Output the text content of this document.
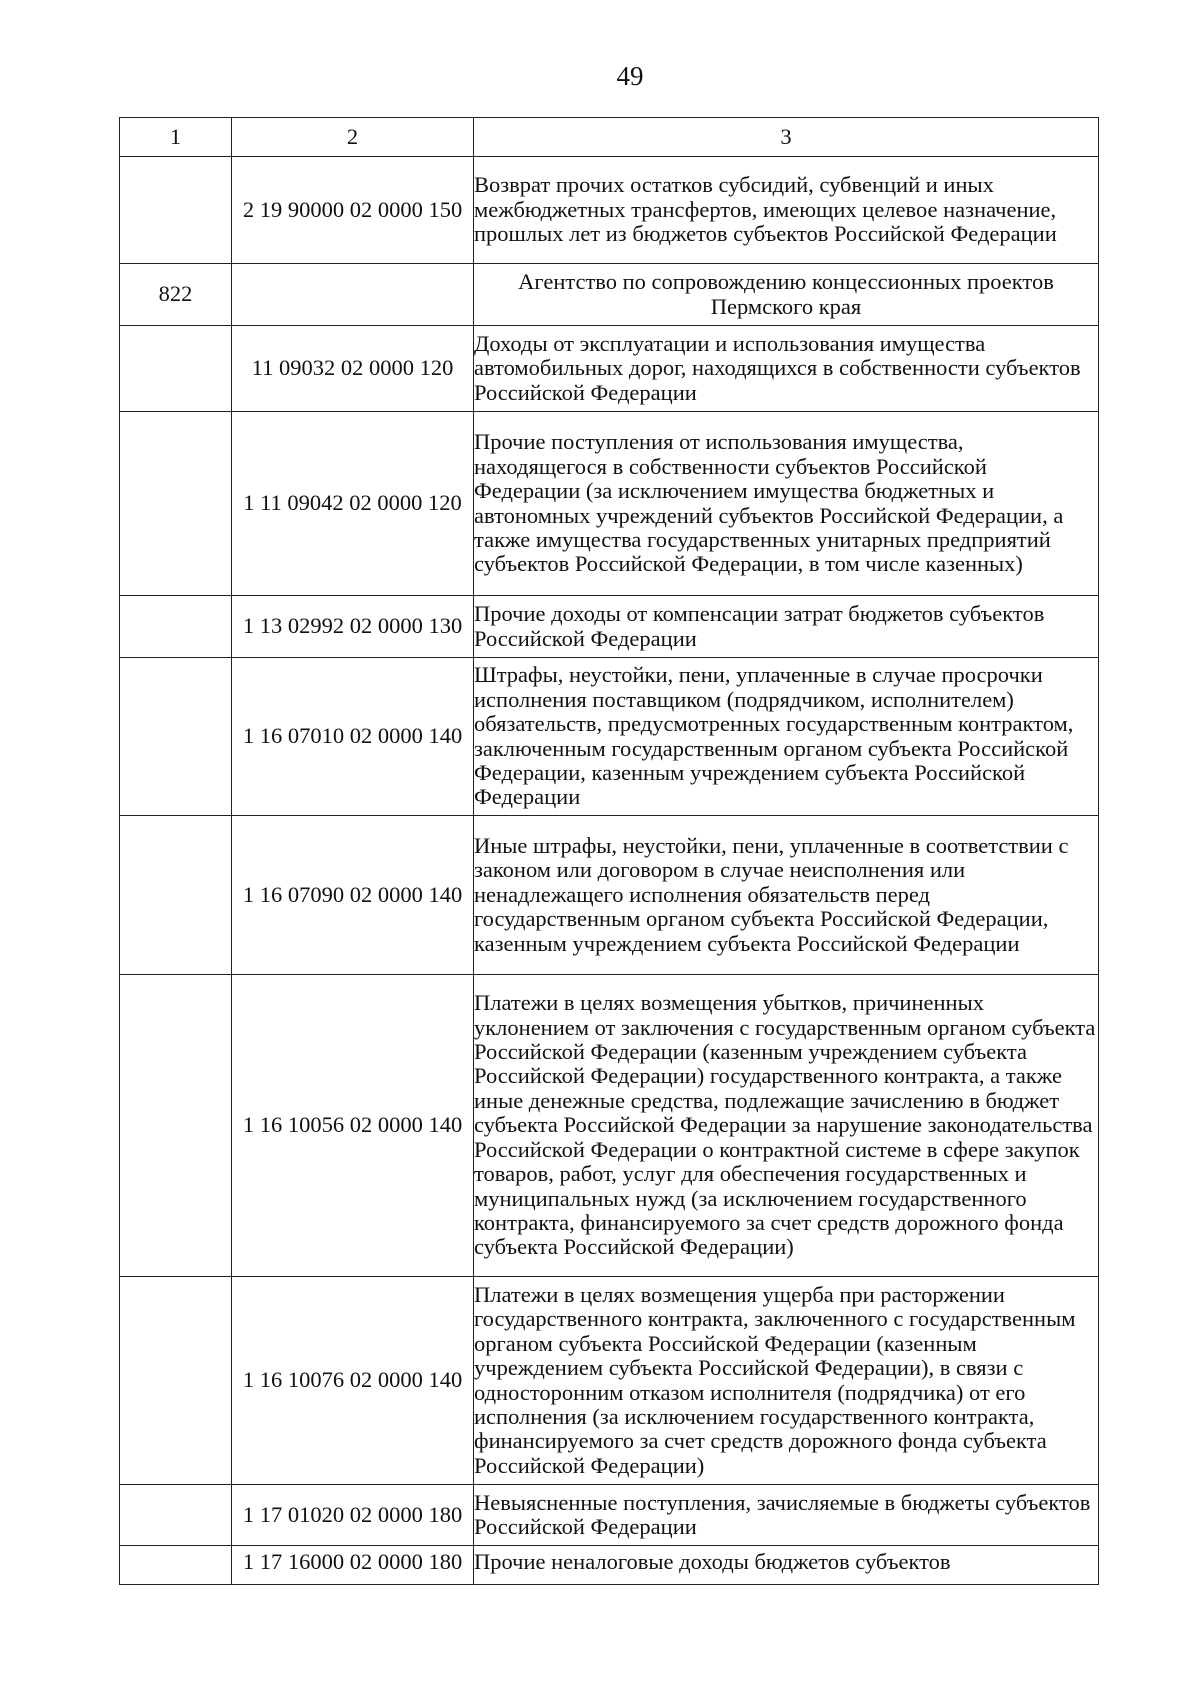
49
1	2	3
	2 19 90000 02 0000 150	Возврат прочих остатков субсидий, субвенций и иных межбюджетных трансфертов, имеющих целевое назначение, прошлых лет из бюджетов субъектов Российской Федерации
822		Агентство по сопровождению концессионных проектов Пермского края
	11 09032 02 0000 120	Доходы от эксплуатации и использования имущества автомобильных дорог, находящихся в собственности субъектов Российской Федерации
	1 11 09042 02 0000 120	Прочие поступления от использования имущества, находящегося в собственности субъектов Российской Федерации (за исключением имущества бюджетных и автономных учреждений субъектов Российской Федерации, а также имущества государственных унитарных предприятий субъектов Российской Федерации, в том числе казенных)
	1 13 02992 02 0000 130	Прочие доходы от компенсации затрат бюджетов субъектов Российской Федерации
	1 16 07010 02 0000 140	Штрафы, неустойки, пени, уплаченные в случае просрочки исполнения поставщиком (подрядчиком, исполнителем) обязательств, предусмотренных государственным контрактом, заключенным государственным органом субъекта Российской Федерации, казенным учреждением субъекта Российской Федерации
	1 16 07090 02 0000 140	Иные штрафы, неустойки, пени, уплаченные в соответствии с законом или договором в случае неисполнения или ненадлежащего исполнения обязательств перед государственным органом субъекта Российской Федерации, казенным учреждением субъекта Российской Федерации
	1 16 10056 02 0000 140	Платежи в целях возмещения убытков, причиненных уклонением от заключения с государственным органом субъекта Российской Федерации (казенным учреждением субъекта Российской Федерации) государственного контракта, а также иные денежные средства, подлежащие зачислению в бюджет субъекта Российской Федерации за нарушение законодательства Российской Федерации о контрактной системе в сфере закупок товаров, работ, услуг для обеспечения государственных и муниципальных нужд (за исключением государственного контракта, финансируемого за счет средств дорожного фонда субъекта Российской Федерации)
	1 16 10076 02 0000 140	Платежи в целях возмещения ущерба при расторжении государственного контракта, заключенного с государственным органом субъекта Российской Федерации (казенным учреждением субъекта Российской Федерации), в связи с односторонним отказом исполнителя (подрядчика) от его исполнения (за исключением государственного контракта, финансируемого за счет средств дорожного фонда субъекта Российской Федерации)
	1 17 01020 02 0000 180	Невыясненные поступления, зачисляемые в бюджеты субъектов Российской Федерации
	1 17 16000 02 0000 180	Прочие неналоговые доходы бюджетов субъектов
